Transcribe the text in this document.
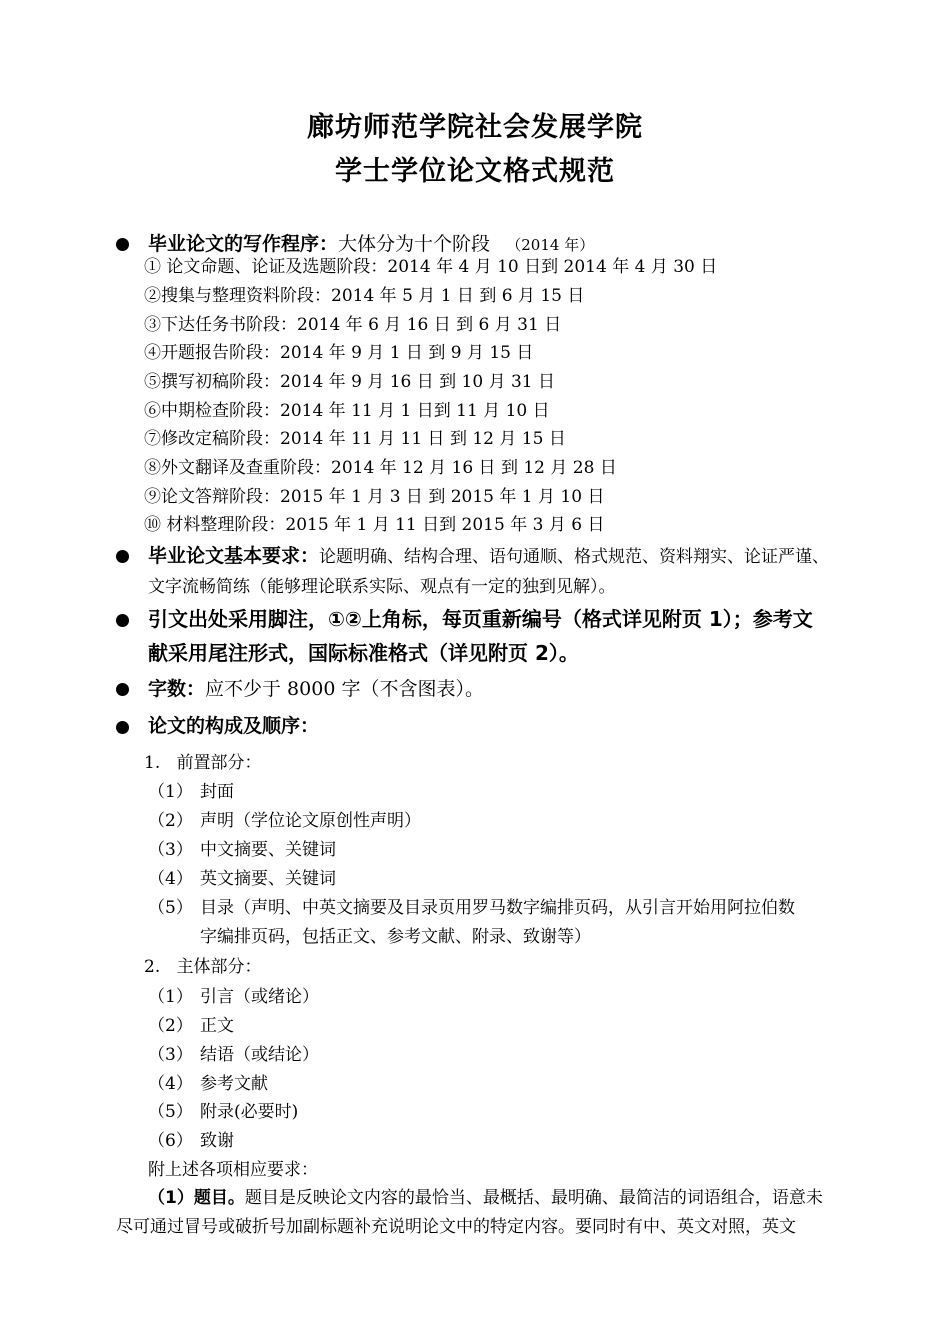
廊坊师范学院社会发展学院
学士学位论文格式规范
毕业论文的写作程序：大体分为十个阶段 （2014 年）
① 论文命题、论证及选题阶段：2014 年 4 月 10 日到 2014 年 4 月 30 日
②搜集与整理资料阶段：2014 年 5 月 1 日 到 6 月 15 日
③下达任务书阶段：2014 年 6 月 16 日 到 6 月 31 日
④开题报告阶段：2014 年 9 月 1 日 到 9 月 15 日
⑤撰写初稿阶段：2014 年 9 月 16 日 到 10 月 31 日
⑥中期检查阶段：2014 年 11 月 1 日到 11 月 10 日
⑦修改定稿阶段：2014 年 11 月 11 日 到 12 月 15 日
⑧外文翻译及查重阶段：2014 年 12 月 16 日 到 12 月 28 日
⑨论文答辩阶段：2015 年 1 月 3 日 到 2015 年 1 月 10 日
⑩ 材料整理阶段：2015 年 1 月 11 日到 2015 年 3 月 6 日
毕业论文基本要求：论题明确、结构合理、语句通顺、格式规范、资料翔实、论证严谨、
文字流畅简练（能够理论联系实际、观点有一定的独到见解）。
引文出处采用脚注，①②上角标，每页重新编号（格式详见附页 1）；参考文
献采用尾注形式，国际标准格式（详见附页 2）。
字数：应不少于 8000 字（不含图表）。
论文的构成及顺序：
1. 前置部分：
（1） 封面
（2） 声明（学位论文原创性声明）
（3） 中文摘要、关键词
（4） 英文摘要、关键词
（5） 目录（声明、中英文摘要及目录页用罗马数字编排页码，从引言开始用阿拉伯数
字编排页码，包括正文、参考文献、附录、致谢等）
2. 主体部分：
（1） 引言（或绪论）
（2） 正文
（3） 结语（或结论）
（4） 参考文献
（5） 附录(必要时)
（6） 致谢
附上述各项相应要求：
（1）题目。题目是反映论文内容的最恰当、最概括、最明确、最简洁的词语组合，语意未
尽可通过冒号或破折号加副标题补充说明论文中的特定内容。要同时有中、英文对照，英文
